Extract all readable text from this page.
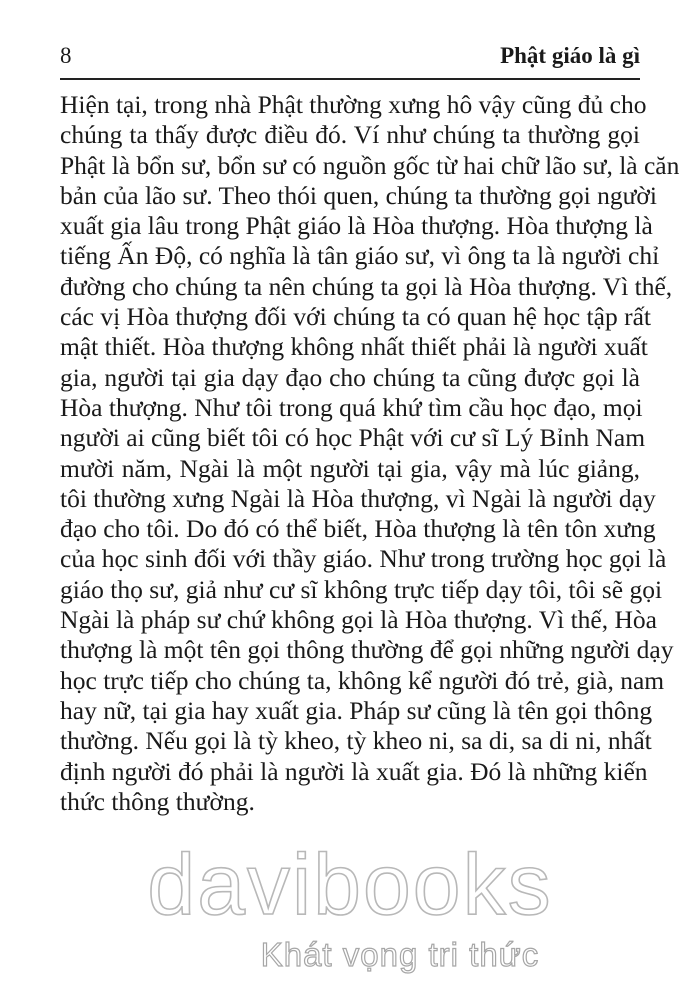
8	Phật giáo là gì
Hiện tại, trong nhà Phật thường xưng hô vậy cũng đủ cho
chúng ta thấy được điều đó. Ví như chúng ta thường gọi
Phật là bổn sư, bổn sư có nguồn gốc từ hai chữ lão sư, là căn
bản của lão sư. Theo thói quen, chúng ta thường gọi người
xuất gia lâu trong Phật giáo là Hòa thượng. Hòa thượng là
tiếng Ấn Độ, có nghĩa là tân giáo sư, vì ông ta là người chỉ
đường cho chúng ta nên chúng ta gọi là Hòa thượng. Vì thế,
các vị Hòa thượng đối với chúng ta có quan hệ học tập rất
mật thiết. Hòa thượng không nhất thiết phải là người xuất
gia, người tại gia dạy đạo cho chúng ta cũng được gọi là
Hòa thượng. Như tôi trong quá khứ tìm cầu học đạo, mọi
người ai cũng biết tôi có học Phật với cư sĩ Lý Bỉnh Nam
mười năm, Ngài là một người tại gia, vậy mà lúc giảng,
tôi thường xưng Ngài là Hòa thượng, vì Ngài là người dạy
đạo cho tôi. Do đó có thể biết, Hòa thượng là tên tôn xưng
của học sinh đối với thầy giáo. Như trong trường học gọi là
giáo thọ sư, giả như cư sĩ không trực tiếp dạy tôi, tôi sẽ gọi
Ngài là pháp sư chứ không gọi là Hòa thượng. Vì thế, Hòa
thượng là một tên gọi thông thường để gọi những người dạy
học trực tiếp cho chúng ta, không kể người đó trẻ, già, nam
hay nữ, tại gia hay xuất gia. Pháp sư cũng là tên gọi thông
thường. Nếu gọi là tỳ kheo, tỳ kheo ni, sa di, sa di ni, nhất
định người đó phải là người là xuất gia. Đó là những kiến
thức thông thường.
davibooks
Khát vọng tri thức
